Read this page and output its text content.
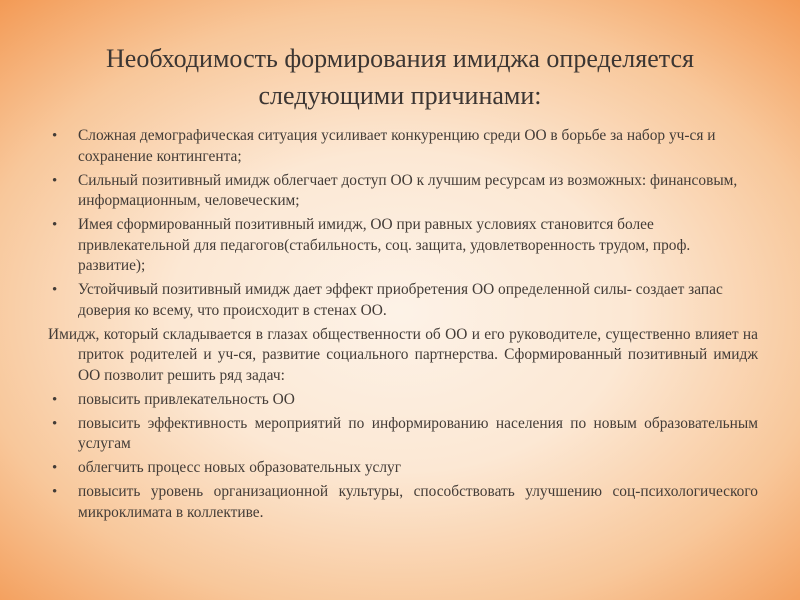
Необходимость формирования имиджа определяется следующими причинами:
• Сложная демографическая ситуация усиливает конкуренцию среди ОО в борьбе за набор уч-ся и сохранение контингента;
• Сильный позитивный имидж облегчает доступ ОО к лучшим ресурсам из возможных: финансовым, информационным, человеческим;
• Имея сформированный позитивный имидж, ОО при равных условиях становится более привлекательной для педагогов(стабильность, соц. защита, удовлетворенность трудом, проф. развитие);
• Устойчивый позитивный имидж дает эффект приобретения ОО определенной силы- создает запас доверия ко всему, что происходит в стенах ОО.
Имидж, который складывается в глазах общественности об ОО и его руководителе, существенно влияет на приток родителей и уч-ся, развитие социального партнерства. Сформированный позитивный имидж ОО позволит решить ряд задач:
• повысить привлекательность ОО
• повысить эффективность мероприятий по информированию населения по новым образовательным услугам
• облегчить процесс новых образовательных услуг
• повысить уровень организационной культуры, способствовать улучшению соц-психологического микроклимата в коллективе.
